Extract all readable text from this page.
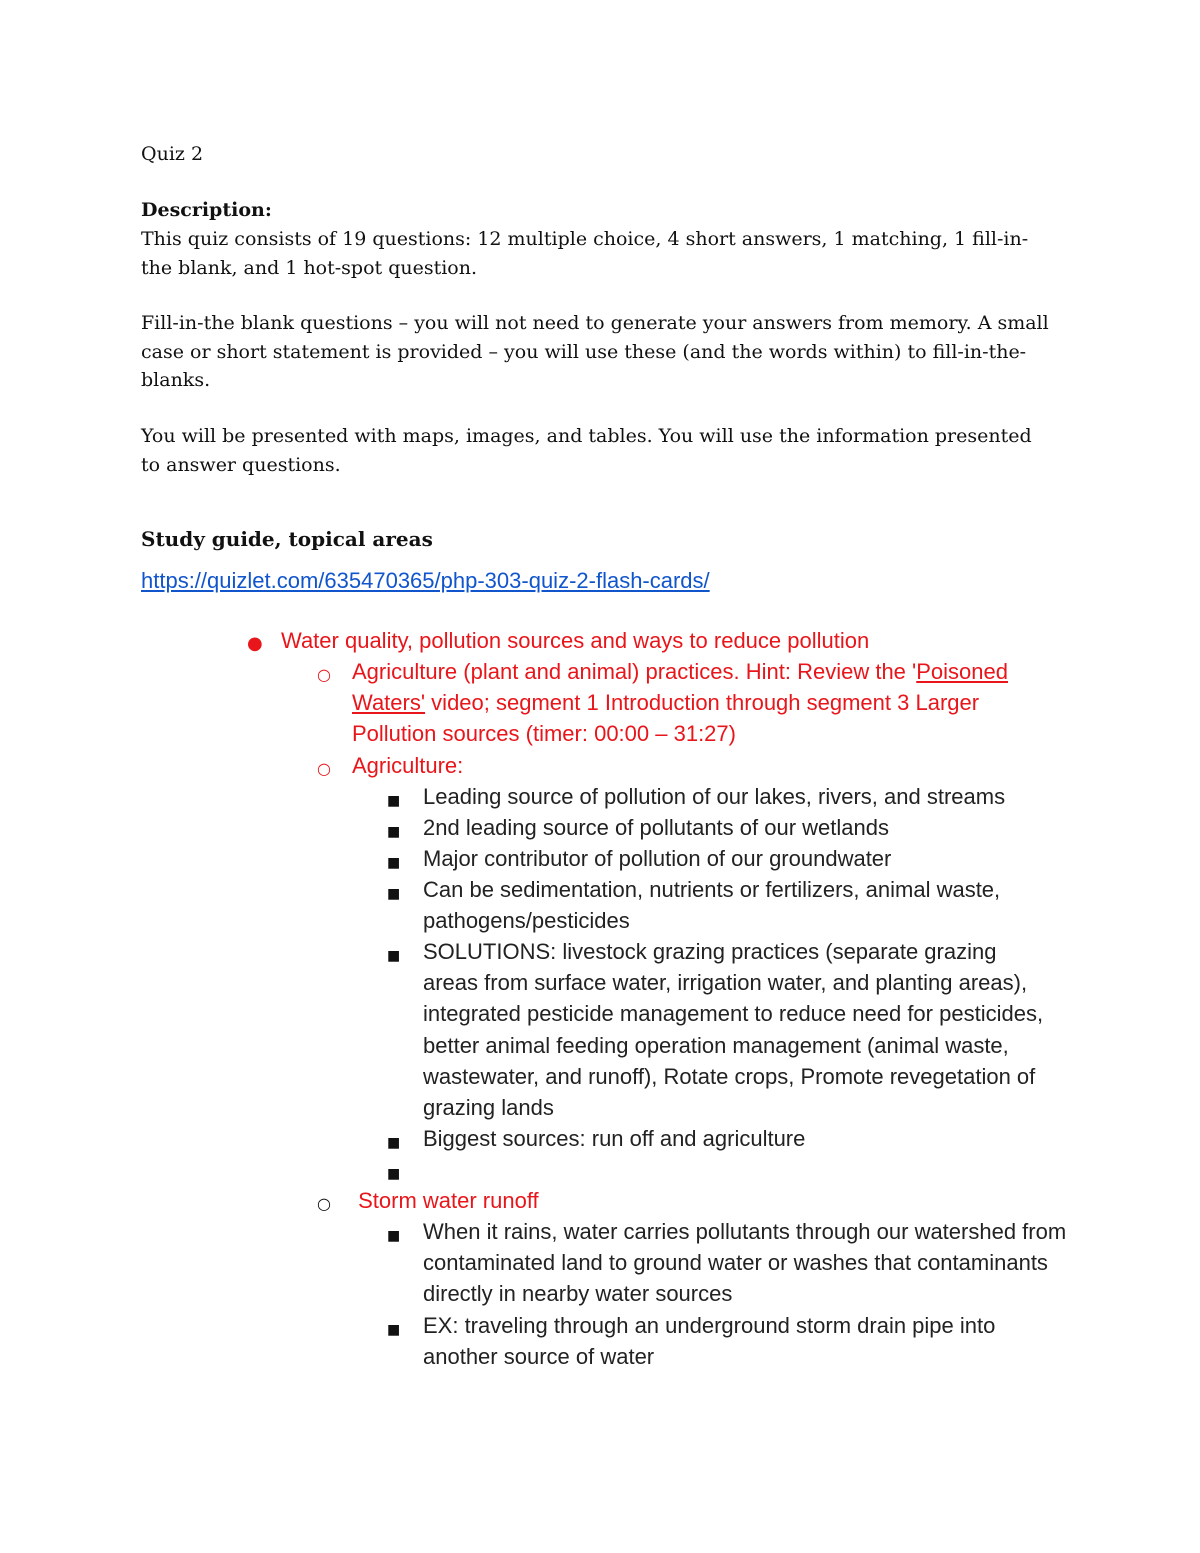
Quiz 2
Description:
This quiz consists of 19 questions: 12 multiple choice, 4 short answers, 1 matching, 1 fill-in-the blank, and 1 hot-spot question.
Fill-in-the blank questions – you will not need to generate your answers from memory. A small case or short statement is provided – you will use these (and the words within) to fill-in-the-blanks.
You will be presented with maps, images, and tables. You will use the information presented to answer questions.
Study guide, topical areas
https://quizlet.com/635470365/php-303-quiz-2-flash-cards/
● Water quality, pollution sources and ways to reduce pollution
○ Agriculture (plant and animal) practices. Hint: Review the 'Poisoned Waters' video; segment 1 Introduction through segment 3 Larger Pollution sources (timer: 00:00 – 31:27)
○ Agriculture:
■ Leading source of pollution of our lakes, rivers, and streams
■ 2nd leading source of pollutants of our wetlands
■ Major contributor of pollution of our groundwater
■ Can be sedimentation, nutrients or fertilizers, animal waste, pathogens/pesticides
■ SOLUTIONS: livestock grazing practices (separate grazing areas from surface water, irrigation water, and planting areas), integrated pesticide management to reduce need for pesticides, better animal feeding operation management (animal waste, wastewater, and runoff), Rotate crops, Promote revegetation of grazing lands
■ Biggest sources: run off and agriculture
■
○ Storm water runoff
■ When it rains, water carries pollutants through our watershed from contaminated land to ground water or washes that contaminants directly in nearby water sources
■ EX: traveling through an underground storm drain pipe into another source of water
